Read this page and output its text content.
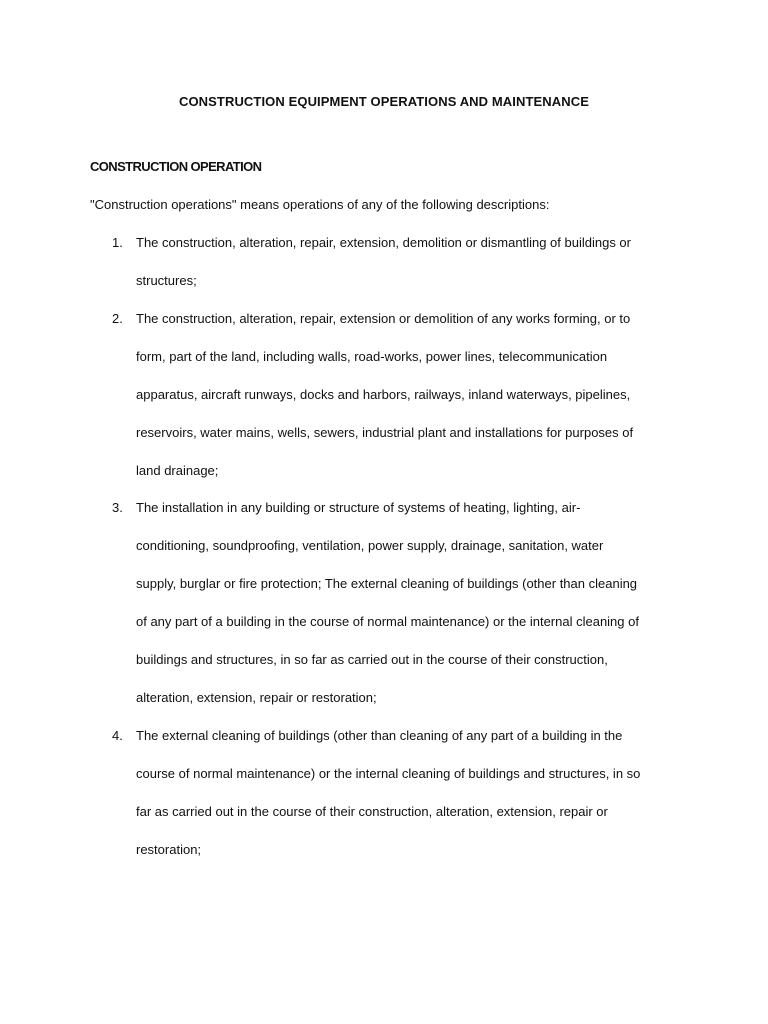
CONSTRUCTION EQUIPMENT OPERATIONS AND MAINTENANCE
CONSTRUCTION OPERATION
"Construction operations" means operations of any of the following descriptions:
1. The construction, alteration, repair, extension, demolition or dismantling of buildings or
structures;
2. The construction, alteration, repair, extension or demolition of any works forming, or to
form, part of the land, including walls, road-works, power lines, telecommunication
apparatus, aircraft runways, docks and harbors, railways, inland waterways, pipelines,
reservoirs, water mains, wells, sewers, industrial plant and installations for purposes of
land drainage;
3. The installation in any building or structure of systems of heating, lighting, air-
conditioning, soundproofing, ventilation, power supply, drainage, sanitation, water
supply, burglar or fire protection; The external cleaning of buildings (other than cleaning
of any part of a building in the course of normal maintenance) or the internal cleaning of
buildings and structures, in so far as carried out in the course of their construction,
alteration, extension, repair or restoration;
4. The external cleaning of buildings (other than cleaning of any part of a building in the
course of normal maintenance) or the internal cleaning of buildings and structures, in so
far as carried out in the course of their construction, alteration, extension, repair or
restoration;
